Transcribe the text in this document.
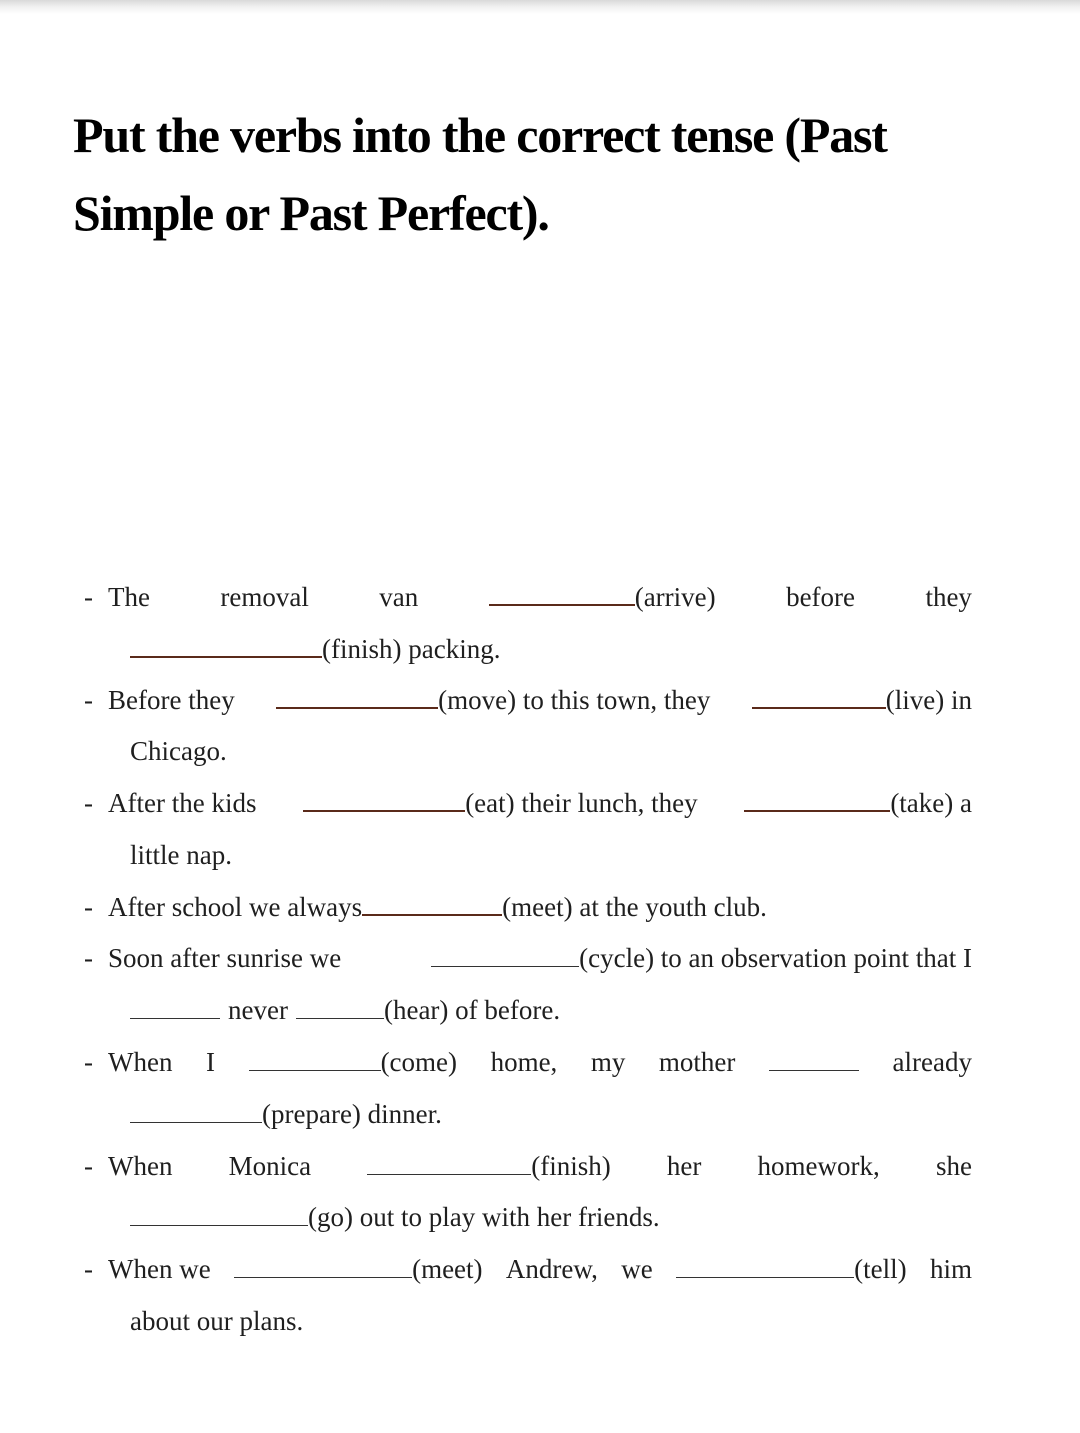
Put the verbs into the correct tense (Past Simple or Past Perfect).
- The	removal	van	(arrive)	before	they
(finish) packing.
- Before they	(move) to this town, they	(live) in
Chicago.
- After the kids	(eat) their lunch, they	(take) a
little nap.
- After school we always	(meet) at the youth club.
- Soon after sunrise we	(cycle) to an observation point that I
never	(hear) of before.
- When I	(come) home, my mother	already
(prepare) dinner.
- When Monica	(finish) her homework, she
(go) out to play with her friends.
- When we	(meet) Andrew, we	(tell) him
about our plans.
